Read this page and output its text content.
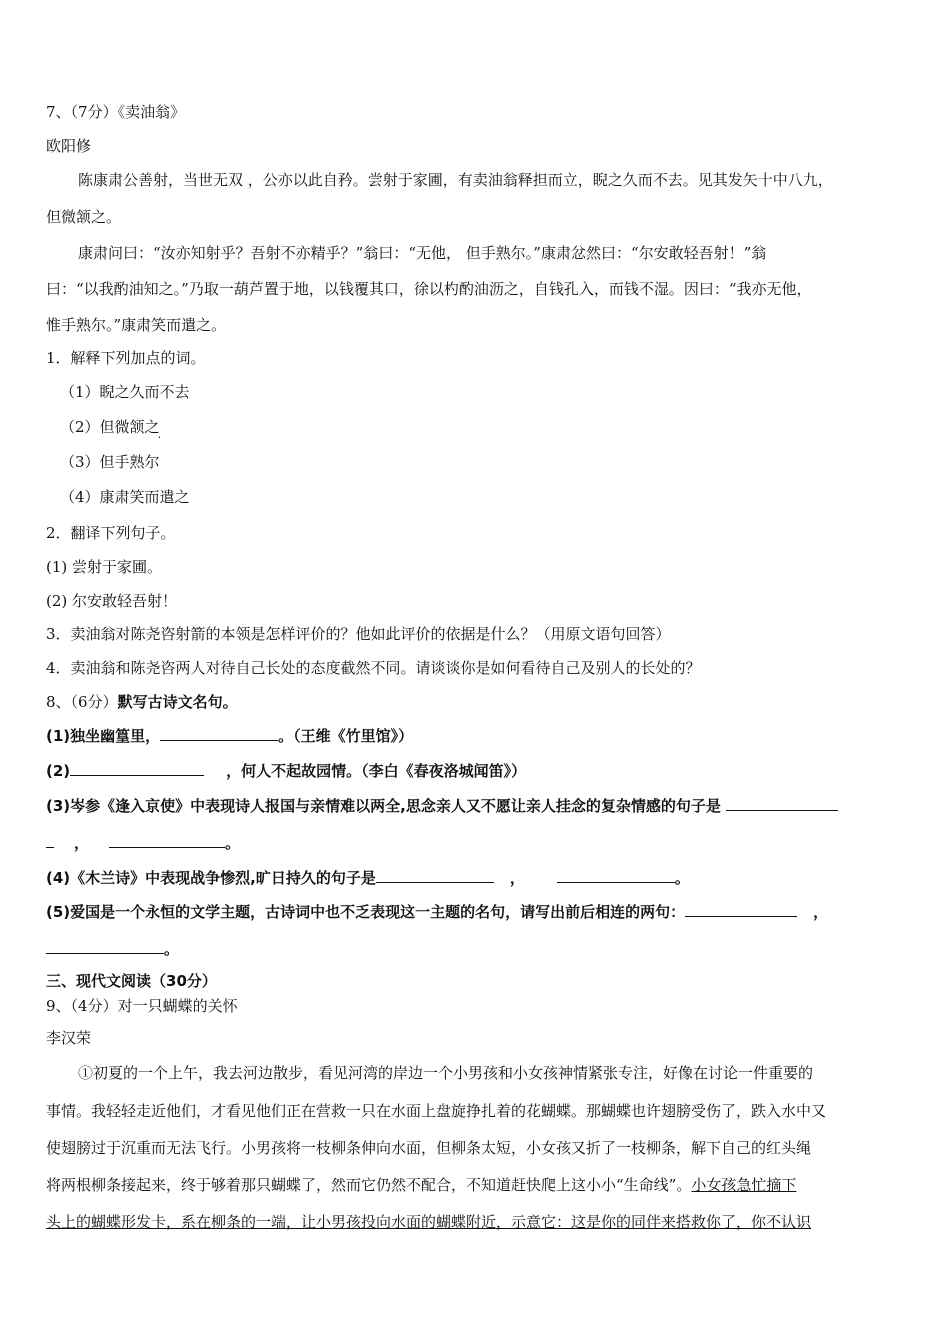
7、（7分）《卖油翁》
欧阳修
陈康肃公善射，当世无双 ，公亦以此自矜。尝射于家圃，有卖油翁释担而立，睨之久而不去。见其发矢十中八九，
但微颔之。
康肃问曰：“汝亦知射乎？吾射不亦精乎？”翁曰：“无他， 但手熟尔。”康肃忿然曰：“尔安敢轻吾射！”翁
曰：“以我酌油知之。”乃取一葫芦置于地，以钱覆其口，徐以杓酌油沥之，自钱孔入，而钱不湿。因曰：“我亦无他，
惟手熟尔。”康肃笑而遣之。
1．解释下列加点的词。
（1）睨之久而不去
（2）但微颔之
（3）但手熟尔
（4）康肃笑而遣之
2．翻译下列句子。
(1) 尝射于家圃。
(2) 尔安敢轻吾射！
3．卖油翁对陈尧咨射箭的本领是怎样评价的？他如此评价的依据是什么？（用原文语句回答）
4．卖油翁和陈尧咨两人对待自己长处的态度截然不同。请谈谈你是如何看待自己及别人的长处的？
8、（6分）默写古诗文名句。
(1)独坐幽篁里，	。（王维《竹里馆》）
(2)	，何人不起故园情。（李白《春夜洛城闻笛》）
(3)岑参《逢入京使》中表现诗人报国与亲情难以两全,思念亲人又不愿让亲人挂念的复杂情感的句子是
，	。
(4)《木兰诗》中表现战争惨烈,旷日持久的句子是	，	。
(5)爱国是一个永恒的文学主题，古诗词中也不乏表现这一主题的名句，请写出前后相连的两句：	，
。
三、现代文阅读（30分）
9、（4分）对一只蝴蝶的关怀
李汉荣
①初夏的一个上午，我去河边散步，看见河湾的岸边一个小男孩和小女孩神情紧张专注，好像在讨论一件重要的
事情。我轻轻走近他们，才看见他们正在营救一只在水面上盘旋挣扎着的花蝴蝶。那蝴蝶也许翅膀受伤了，跌入水中又
使翅膀过于沉重而无法飞行。小男孩将一枝柳条伸向水面，但柳条太短，小女孩又折了一枝柳条，解下自己的红头绳
将两根柳条接起来，终于够着那只蝴蝶了，然而它仍然不配合，不知道赶快爬上这小小“生命线”。小女孩急忙摘下
头上的蝴蝶形发卡，系在柳条的一端，让小男孩投向水面的蝴蝶附近，示意它：这是你的同伴来搭救你了，你不认识
